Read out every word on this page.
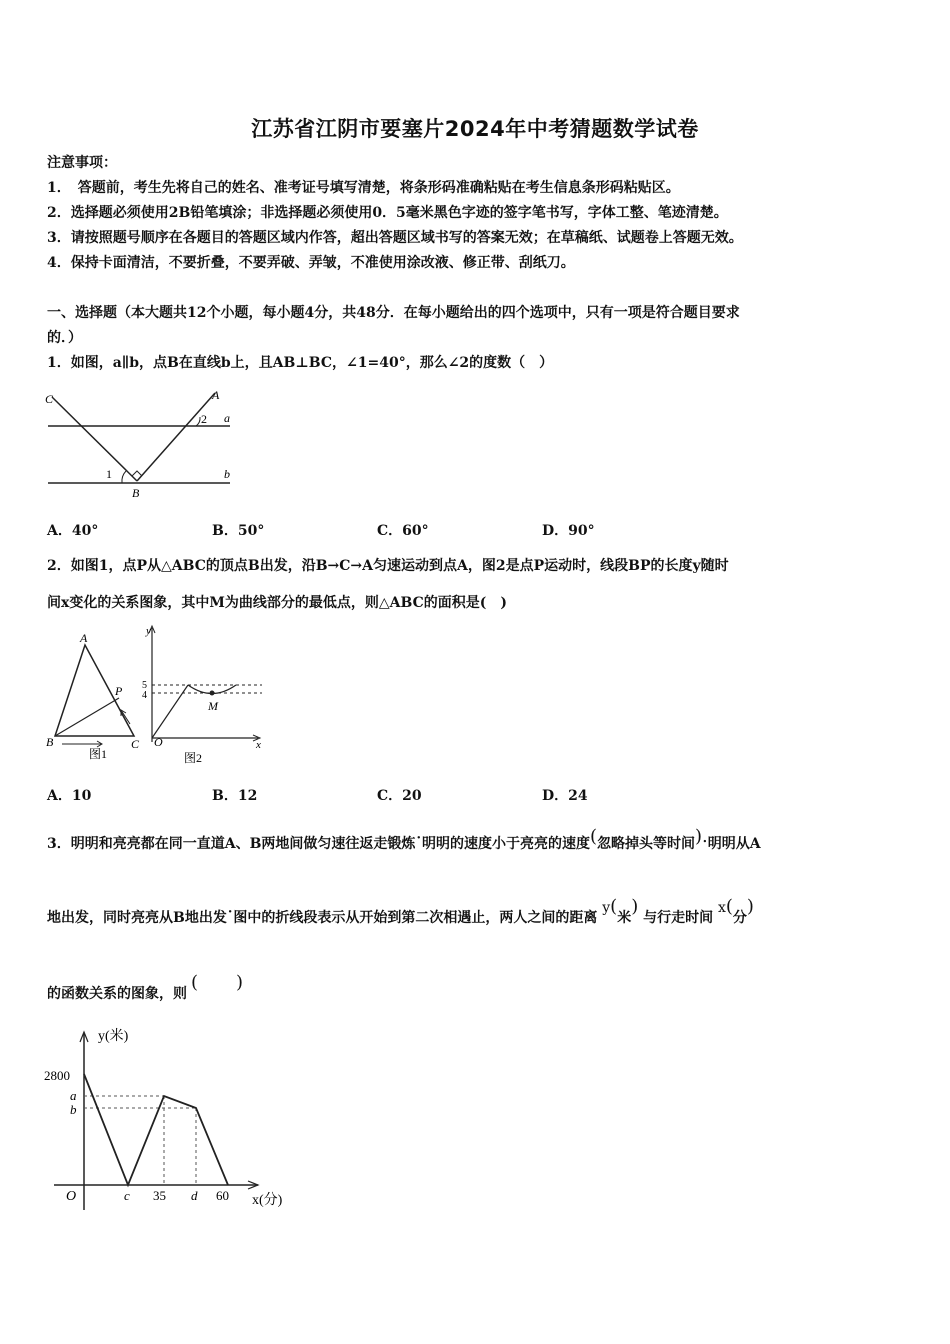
江苏省江阴市要塞片2024年中考猜题数学试卷
注意事项：
1．　答题前，考生先将自己的姓名、准考证号填写清楚，将条形码准确粘贴在考生信息条形码粘贴区。
2．选择题必须使用2B铅笔填涂；非选择题必须使用0．5毫米黑色字迹的签字笔书写，字体工整、笔迹清楚。
3．请按照题号顺序在各题目的答题区域内作答，超出答题区域书写的答案无效；在草稿纸、试题卷上答题无效。
4．保持卡面清洁，不要折叠，不要弄破、弄皱，不准使用涂改液、修正带、刮纸刀。
一、选择题（本大题共12个小题，每小题4分，共48分．在每小题给出的四个选项中，只有一项是符合题目要求
的．）
1．如图，a∥b，点B在直线b上，且AB⊥BC，∠1=40°，那么∠2的度数（　）
C	A
a
b
B
1
2
A．40°	B．50°	C．60°	D．90°
2．如图1，点P从△ABC的顶点B出发，沿B→C→A匀速运动到点A，图2是点P运动时，线段BP的长度y随时
间x变化的关系图象，其中M为曲线部分的最低点，则△ABC的面积是(　)
A
B	C
P
图1
y
x
O
M
5
4
图2
A．10	B．12	C．20	D．24
3．明明和亮亮都在同一直道A、B两地间做匀速往返走锻炼·明明的速度小于亮亮的速度(忽略掉头等时间).明明从A
地出发，同时亮亮从B地出发·图中的折线段表示从开始到第二次相遇止，两人之间的距离 y(米) 与行走时间 x(分)
的函数关系的图象，则( )
y(米)
x(分)
O
2800
a
b
c 35 d 60
